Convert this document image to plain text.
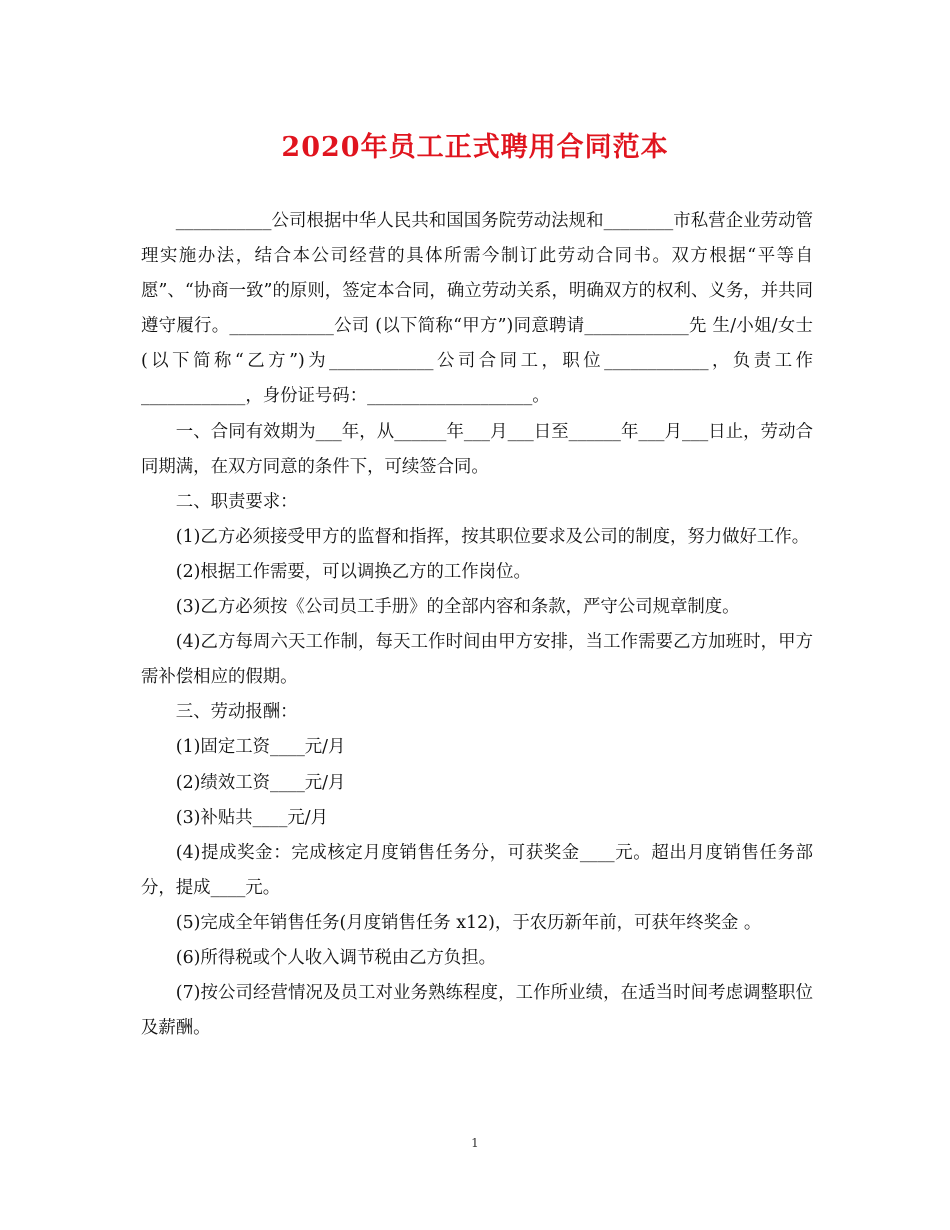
2020年员工正式聘用合同范本

___________公司根据中华人民共和国国务院劳动法规和________市私营企业劳动管理实施办法，结合本公司经营的具体所需今制订此劳动合同书。双方根据“平等自愿”、“协商一致”的原则，签定本合同，确立劳动关系，明确双方的权利、义务，并共同遵守履行。____________公司 (以下简称“甲方”)同意聘请____________先 生/小姐/女士(以下简称“乙方”)为____________公司合同工，职位____________，负责工作____________，身份证号码：___________________。

一、合同有效期为___年，从______年___月___日至______年___月___日止，劳动合同期满，在双方同意的条件下，可续签合同。

二、职责要求：

(1)乙方必须接受甲方的监督和指挥，按其职位要求及公司的制度，努力做好工作。

(2)根据工作需要，可以调换乙方的工作岗位。

(3)乙方必须按《公司员工手册》的全部内容和条款，严守公司规章制度。

(4)乙方每周六天工作制，每天工作时间由甲方安排，当工作需要乙方加班时，甲方需补偿相应的假期。

三、劳动报酬：

(1)固定工资____元/月

(2)绩效工资____元/月

(3)补贴共____元/月

(4)提成奖金：完成核定月度销售任务分，可获奖金____元。超出月度销售任务部分，提成____元。

(5)完成全年销售任务(月度销售任务 x12)，于农历新年前，可获年终奖金 。

(6)所得税或个人收入调节税由乙方负担。

(7)按公司经营情况及员工对业务熟练程度，工作所业绩，在适当时间考虑调整职位及薪酬。

1
